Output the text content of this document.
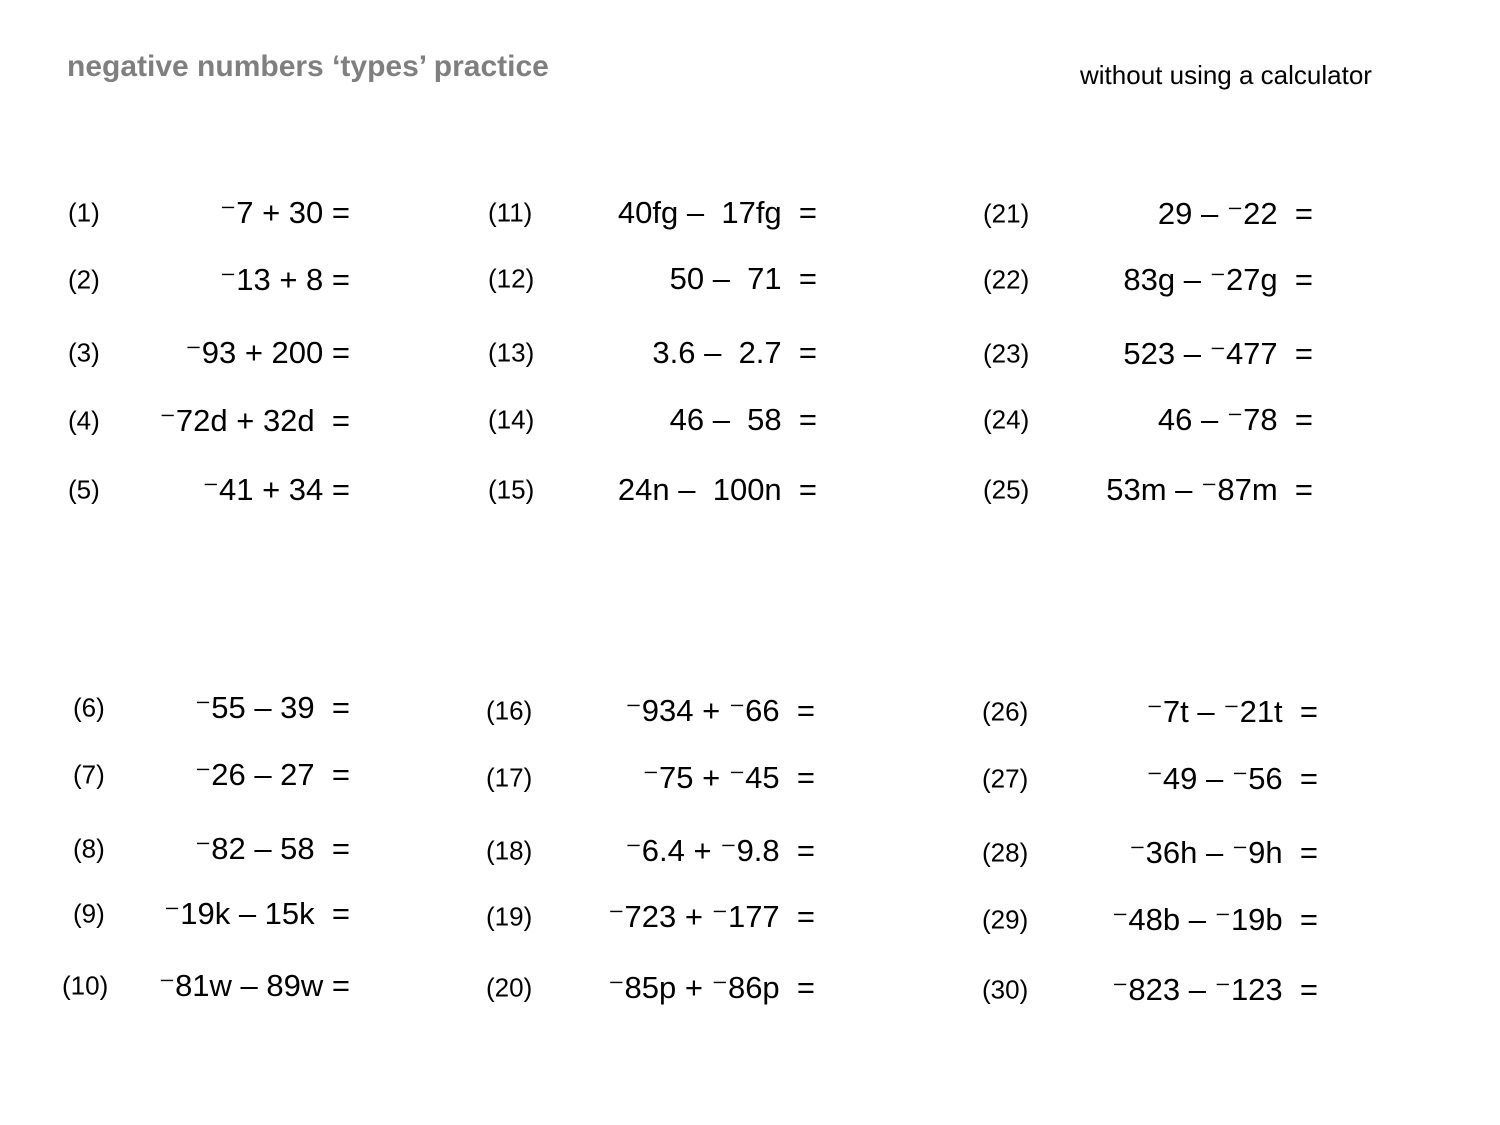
negative numbers ‘types’ practice	without using a calculator
(1)	⁻7 + 30 =
(2)	⁻13 + 8 =
(3)	⁻93 + 200 =
(4) ⁻72d + 32d  =
(5)	⁻41 + 34 =
(6)	⁻55 – 39  =
(7)	⁻26 – 27  =
(8)	⁻82 – 58  =
(9) ⁻19k – 15k  =
(10) ⁻81w – 89w =
(11)	40fg –  17fg  =
(12)	50 –  71  =
(13)	3.6 –  2.7  =
(14)	46 –  58  =
(15)	24n –  100n  =
(16)	⁻934 + ⁻66  =
(17)	⁻75 + ⁻45  =
(18)	⁻6.4 + ⁻9.8  =
(19) ⁻723 + ⁻177  =
(20) ⁻85p + ⁻86p  =
(21)	29 – ⁻22  =
(22)	83g – ⁻27g  =
(23)	523 – ⁻477  =
(24)	46 – ⁻78  =
(25) 53m – ⁻87m  =
(26)	⁻7t – ⁻21t  =
(27)	⁻49 – ⁻56  =
(28)	⁻36h – ⁻9h  =
(29)	⁻48b – ⁻19b  =
(30)	⁻823 – ⁻123  =
